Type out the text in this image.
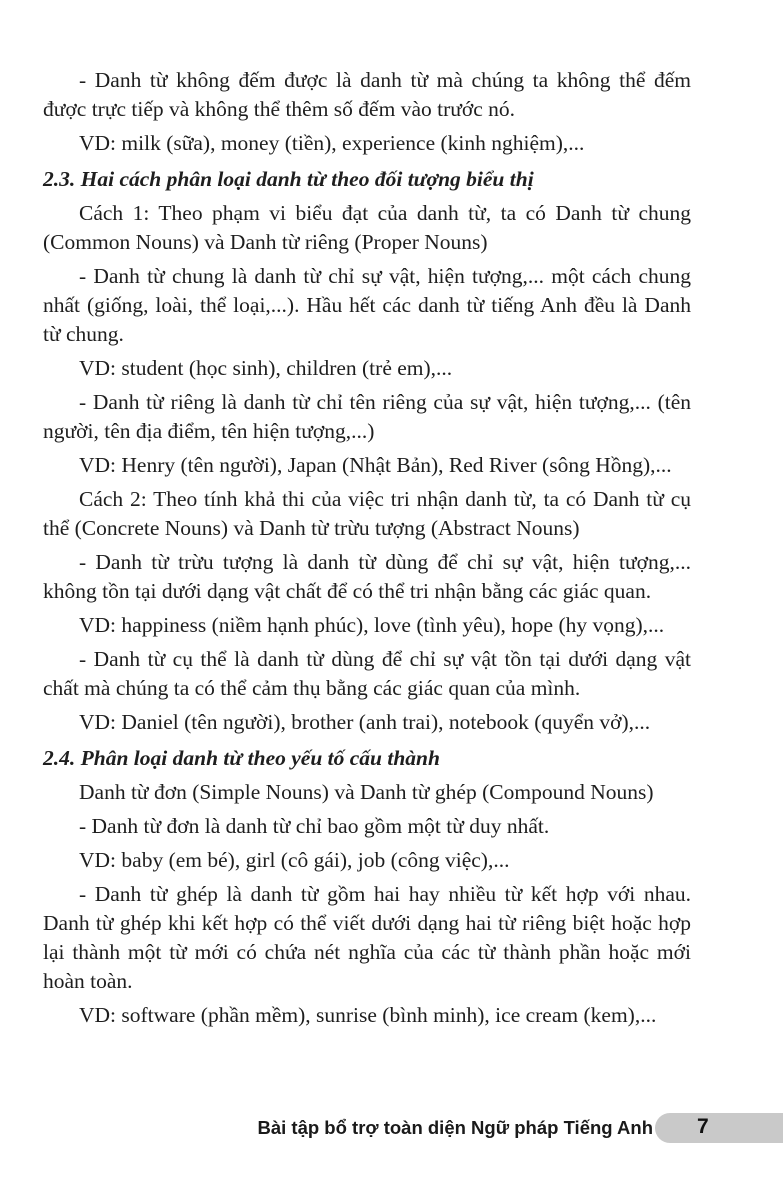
- Danh từ không đếm được là danh từ mà chúng ta không thể đếm được trực tiếp và không thể thêm số đếm vào trước nó.

VD: milk (sữa), money (tiền), experience (kinh nghiệm),...

2.3. Hai cách phân loại danh từ theo đối tượng biểu thị

Cách 1: Theo phạm vi biểu đạt của danh từ, ta có Danh từ chung (Common Nouns) và Danh từ riêng (Proper Nouns)

- Danh từ chung là danh từ chỉ sự vật, hiện tượng,... một cách chung nhất (giống, loài, thể loại,...). Hầu hết các danh từ tiếng Anh đều là Danh từ chung.

VD: student (học sinh), children (trẻ em),...

- Danh từ riêng là danh từ chỉ tên riêng của sự vật, hiện tượng,... (tên người, tên địa điểm, tên hiện tượng,...)

VD: Henry (tên người), Japan (Nhật Bản), Red River (sông Hồng),...

Cách 2: Theo tính khả thi của việc tri nhận danh từ, ta có Danh từ cụ thể (Concrete Nouns) và Danh từ trừu tượng (Abstract Nouns)

- Danh từ trừu tượng là danh từ dùng để chỉ sự vật, hiện tượng,... không tồn tại dưới dạng vật chất để có thể tri nhận bằng các giác quan.

VD: happiness (niềm hạnh phúc), love (tình yêu), hope (hy vọng),...

- Danh từ cụ thể là danh từ dùng để chỉ sự vật tồn tại dưới dạng vật chất mà chúng ta có thể cảm thụ bằng các giác quan của mình.

VD: Daniel (tên người), brother (anh trai), notebook (quyển vở),...

2.4. Phân loại danh từ theo yếu tố cấu thành

Danh từ đơn (Simple Nouns) và Danh từ ghép (Compound Nouns)

- Danh từ đơn là danh từ chỉ bao gồm một từ duy nhất.

VD: baby (em bé), girl (cô gái), job (công việc),...

- Danh từ ghép là danh từ gồm hai hay nhiều từ kết hợp với nhau. Danh từ ghép khi kết hợp có thể viết dưới dạng hai từ riêng biệt hoặc hợp lại thành một từ mới có chứa nét nghĩa của các từ thành phần hoặc mới hoàn toàn.

VD: software (phần mềm), sunrise (bình minh), ice cream (kem),...

Bài tập bổ trợ toàn diện Ngữ pháp Tiếng Anh 7
